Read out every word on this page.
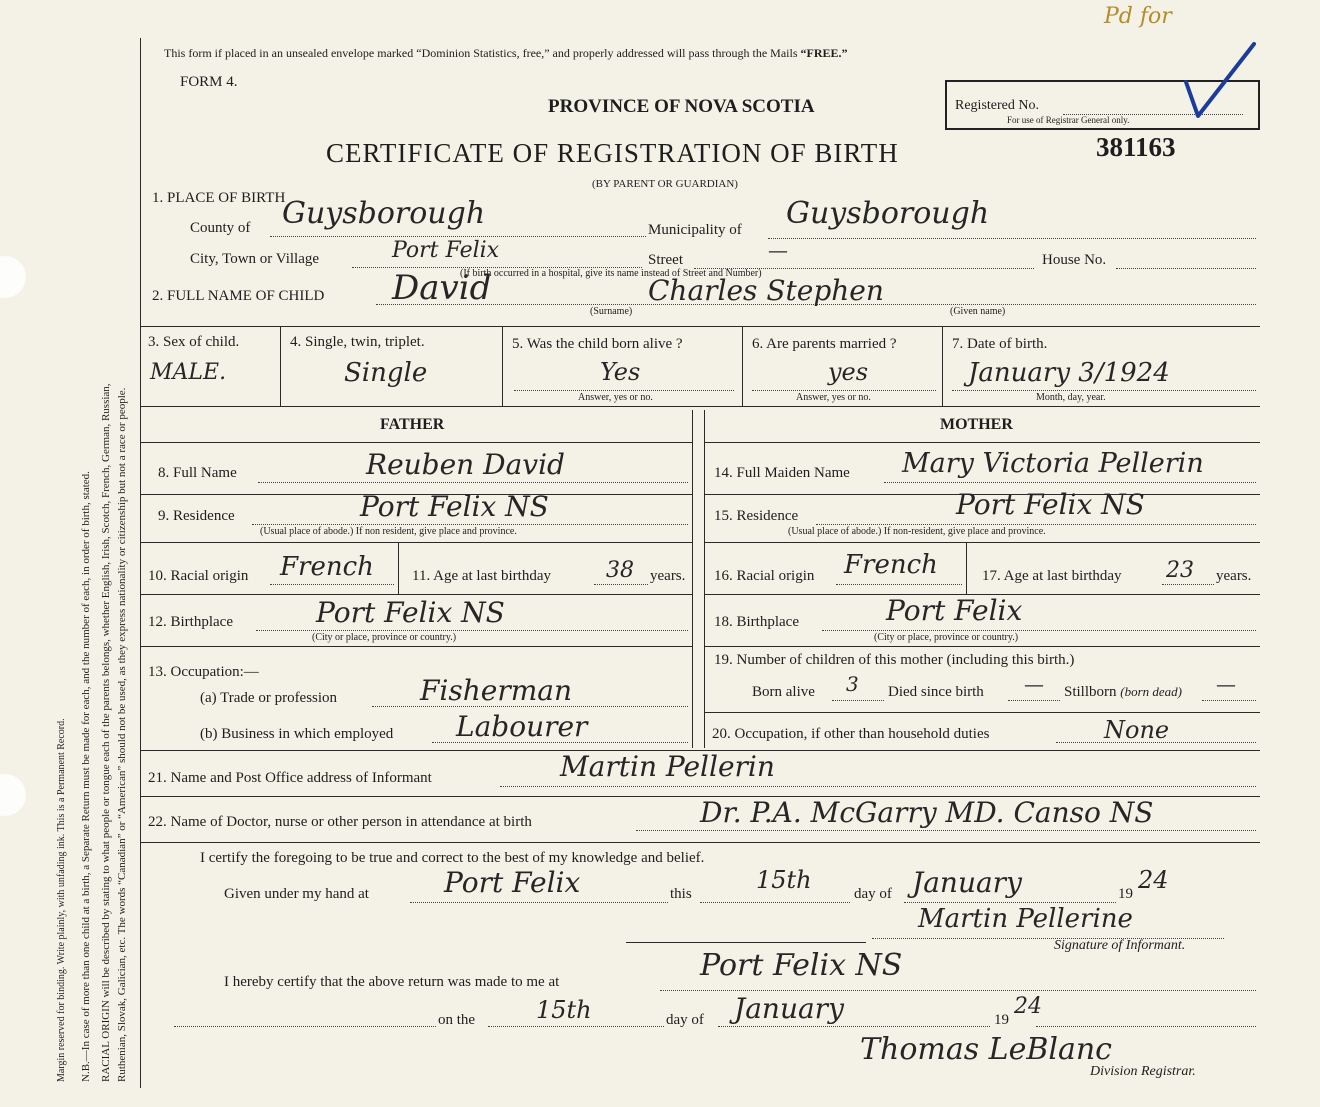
Margin reserved for binding. Write plainly, with unfading ink. This is a Permanent Record. N.B.—In case of more than one child at a birth, a Separate Return must be made for each, and the number of each, in order of birth, stated. RACIAL ORIGIN will be described by stating to what people or tongue each of the parents belongs, whether English, Irish, Scotch, French, German, Russian, Ruthenian, Slovak, Galician, etc. The words “Canadian” or “American” should not be used, as they express nationality or citizenship but not a race or people.
Pd for
This form if placed in an unsealed envelope marked “Dominion Statistics, free,” and properly addressed will pass through the Mails “FREE.”
FORM 4.
PROVINCE OF NOVA SCOTIA
CERTIFICATE OF REGISTRATION OF BIRTH
(BY PARENT OR GUARDIAN)
Registered No.
For use of Registrar General only.
381163
1. PLACE OF BIRTH
County of Guysborough	Municipality of Guysborough
City, Town or Village	Port Felix	Street	—	House No.
(If birth occurred in a hospital, give its name instead of Street and Number)
2. FULL NAME OF CHILD David	Charles Stephen
(Surname)	(Given name)
3. Sex of child.
MALE.
4. Single, twin, triplet.
Single
5. Was the child born alive ?
Yes
Answer, yes or no.
6. Are parents married ?
yes
Answer, yes or no.
7. Date of birth.
January 3/1924
Month, day, year.
FATHER	MOTHER
8. Full Name	Reuben David
9. Residence	Port Felix NS
(Usual place of abode.) If non resident, give place and province.
10. Racial origin French	11. Age at last birthday	38 years.
12. Birthplace	Port Felix NS
(City or place, province or country.)
13. Occupation:—
(a) Trade or profession	Fisherman
(b) Business in which employed Labourer
14. Full Maiden Name Mary Victoria Pellerin
15. Residence	Port Felix NS
(Usual place of abode.) If non-resident, give place and province.
16. Racial origin French	17. Age at last birthday 23 years.
18. Birthplace	Port Felix
(City or place, province or country.)
19. Number of children of this mother (including this birth.)
Born alive 3 Died since birth — Stillborn (born dead) —
20. Occupation, if other than household duties	None
21. Name and Post Office address of Informant	Martin Pellerin
22. Name of Doctor, nurse or other person in attendance at birth	Dr. P.A. McGarry MD. Canso NS
I certify the foregoing to be true and correct to the best of my knowledge and belief.
Given under my hand at	Port Felix	this	15th	day of January	19 24
Martin Pellerine
Signature of Informant.
I hereby certify that the above return was made to me at	Port Felix NS
on the	15th	day of January	19
24
Thomas LeBlanc
Division Registrar.
